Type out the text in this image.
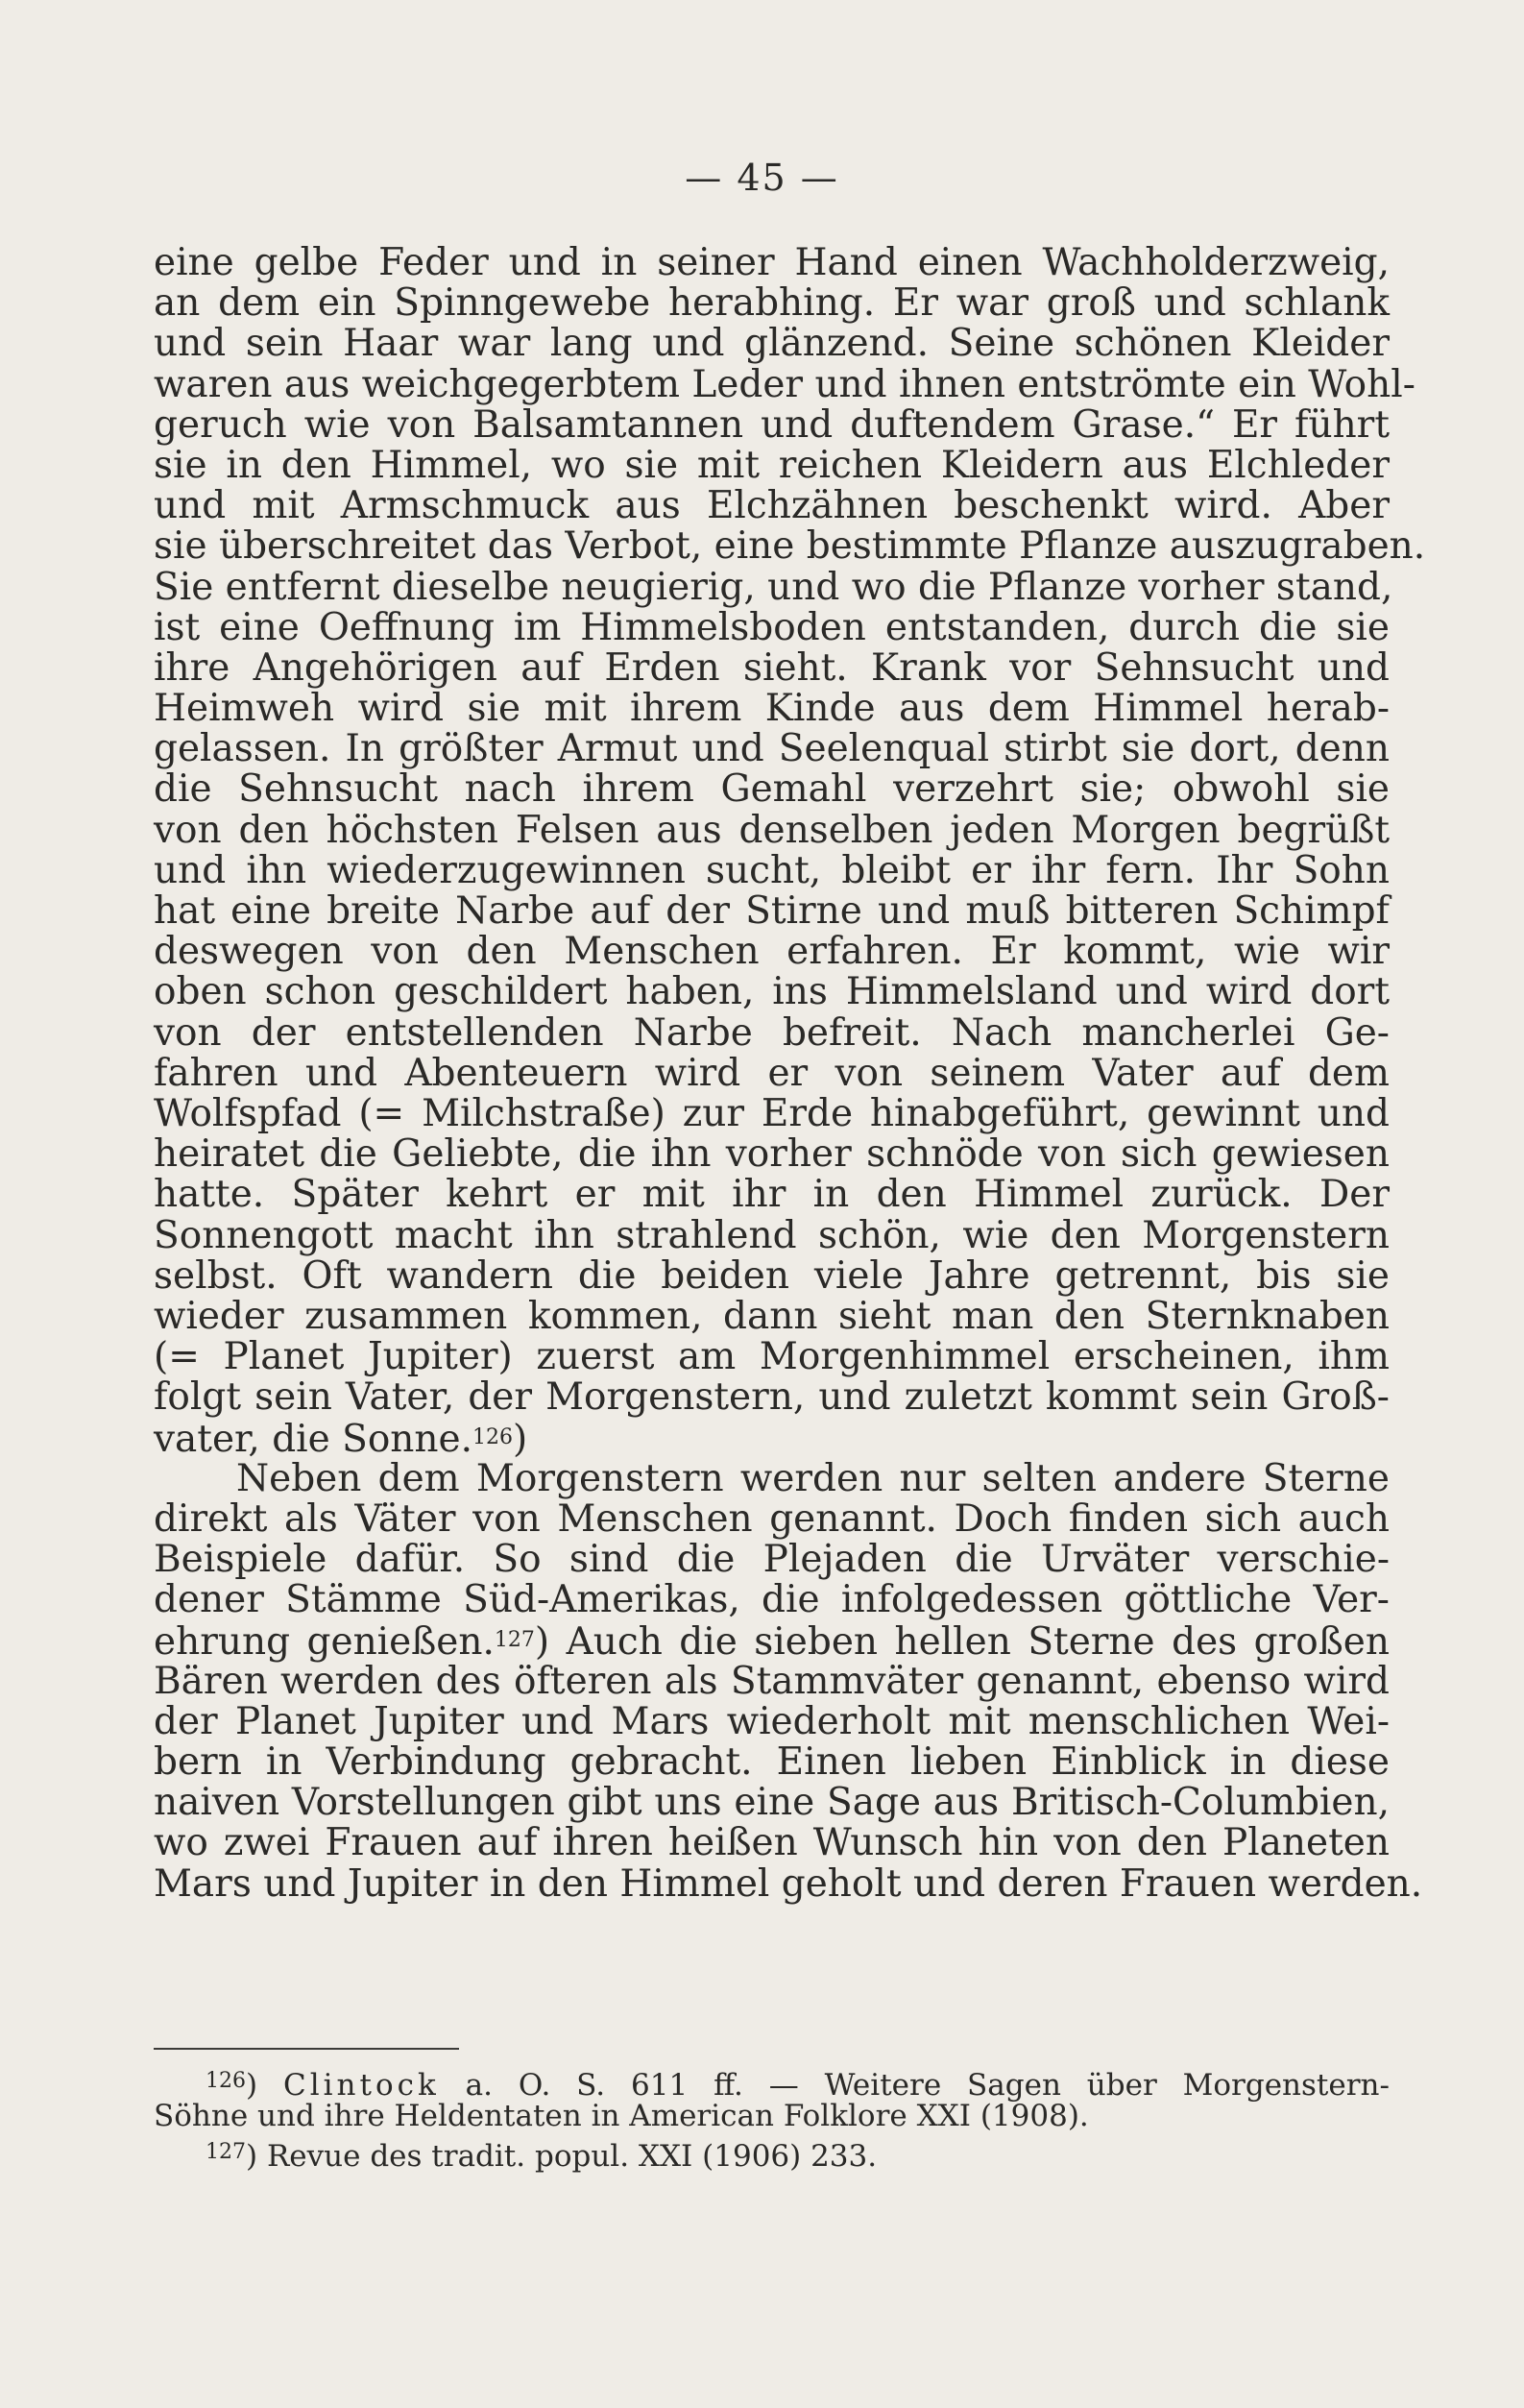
— 45 —
eine gelbe Feder und in seiner Hand einen Wachholderzweig,
an dem ein Spinngewebe herabhing. Er war groß und schlank
und sein Haar war lang und glänzend. Seine schönen Kleider
waren aus weichgegerbtem Leder und ihnen entströmte ein Wohl-
geruch wie von Balsamtannen und duftendem Grase.“ Er führt
sie in den Himmel, wo sie mit reichen Kleidern aus Elchleder
und mit Armschmuck aus Elchzähnen beschenkt wird. Aber
sie überschreitet das Verbot, eine bestimmte Pflanze auszugraben.
Sie entfernt dieselbe neugierig, und wo die Pflanze vorher stand,
ist eine Oeffnung im Himmelsboden entstanden, durch die sie
ihre Angehörigen auf Erden sieht. Krank vor Sehnsucht und
Heimweh wird sie mit ihrem Kinde aus dem Himmel herab-
gelassen. In größter Armut und Seelenqual stirbt sie dort, denn
die Sehnsucht nach ihrem Gemahl verzehrt sie; obwohl sie
von den höchsten Felsen aus denselben jeden Morgen begrüßt
und ihn wiederzugewinnen sucht, bleibt er ihr fern. Ihr Sohn
hat eine breite Narbe auf der Stirne und muß bitteren Schimpf
deswegen von den Menschen erfahren. Er kommt, wie wir
oben schon geschildert haben, ins Himmelsland und wird dort
von der entstellenden Narbe befreit. Nach mancherlei Ge-
fahren und Abenteuern wird er von seinem Vater auf dem
Wolfspfad (= Milchstraße) zur Erde hinabgeführt, gewinnt und
heiratet die Geliebte, die ihn vorher schnöde von sich gewiesen
hatte. Später kehrt er mit ihr in den Himmel zurück. Der
Sonnengott macht ihn strahlend schön, wie den Morgenstern
selbst. Oft wandern die beiden viele Jahre getrennt, bis sie
wieder zusammen kommen, dann sieht man den Sternknaben
(= Planet Jupiter) zuerst am Morgenhimmel erscheinen, ihm
folgt sein Vater, der Morgenstern, und zuletzt kommt sein Groß-
vater, die Sonne.$^{126}$)
Neben dem Morgenstern werden nur selten andere Sterne
direkt als Väter von Menschen genannt. Doch finden sich auch
Beispiele dafür. So sind die Plejaden die Urväter verschie-
dener Stämme Süd-Amerikas, die infolgedessen göttliche Ver-
ehrung genießen.$^{127}$) Auch die sieben hellen Sterne des großen
Bären werden des öfteren als Stammväter genannt, ebenso wird
der Planet Jupiter und Mars wiederholt mit menschlichen Wei-
bern in Verbindung gebracht. Einen lieben Einblick in diese
naiven Vorstellungen gibt uns eine Sage aus Britisch-Columbien,
wo zwei Frauen auf ihren heißen Wunsch hin von den Planeten
Mars und Jupiter in den Himmel geholt und deren Frauen werden.
$^{126}$) Clintock a. O. S. 611 ff. — Weitere Sagen über Morgenstern-
Söhne und ihre Heldentaten in American Folklore XXI (1908).
$^{127}$) Revue des tradit. popul. XXI (1906) 233.
